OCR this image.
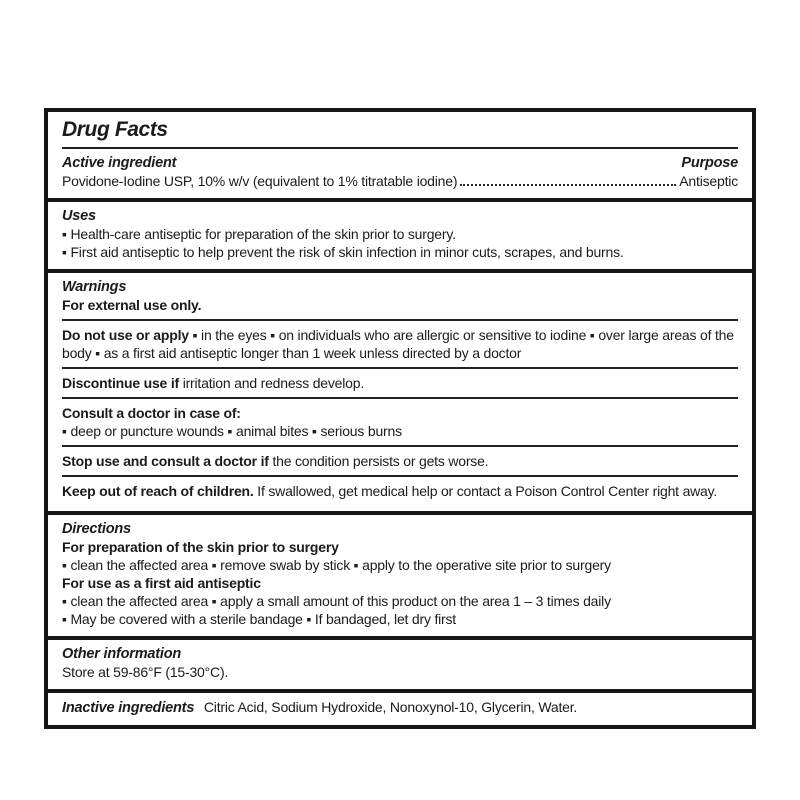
Drug Facts
Active ingredient	Purpose
Povidone-Iodine USP, 10% w/v (equivalent to 1% titratable iodine)	Antiseptic
Uses
▪ Health-care antiseptic for preparation of the skin prior to surgery.
▪ First aid antiseptic to help prevent the risk of skin infection in minor cuts, scrapes, and burns.
Warnings
For external use only.
Do not use or apply ▪ in the eyes ▪ on individuals who are allergic or sensitive to iodine ▪ over large areas of the body ▪ as a first aid antiseptic longer than 1 week unless directed by a doctor
Discontinue use if irritation and redness develop.
Consult a doctor in case of:
▪ deep or puncture wounds ▪ animal bites ▪ serious burns
Stop use and consult a doctor if the condition persists or gets worse.
Keep out of reach of children. If swallowed, get medical help or contact a Poison Control Center right away.
Directions
For preparation of the skin prior to surgery
▪ clean the affected area ▪ remove swab by stick ▪ apply to the operative site prior to surgery
For use as a first aid antiseptic
▪ clean the affected area ▪ apply a small amount of this product on the area 1 – 3 times daily
▪ May be covered with a sterile bandage ▪ If bandaged, let dry first
Other information
Store at 59-86°F (15-30°C).
Inactive ingredients Citric Acid, Sodium Hydroxide, Nonoxynol-10, Glycerin, Water.
